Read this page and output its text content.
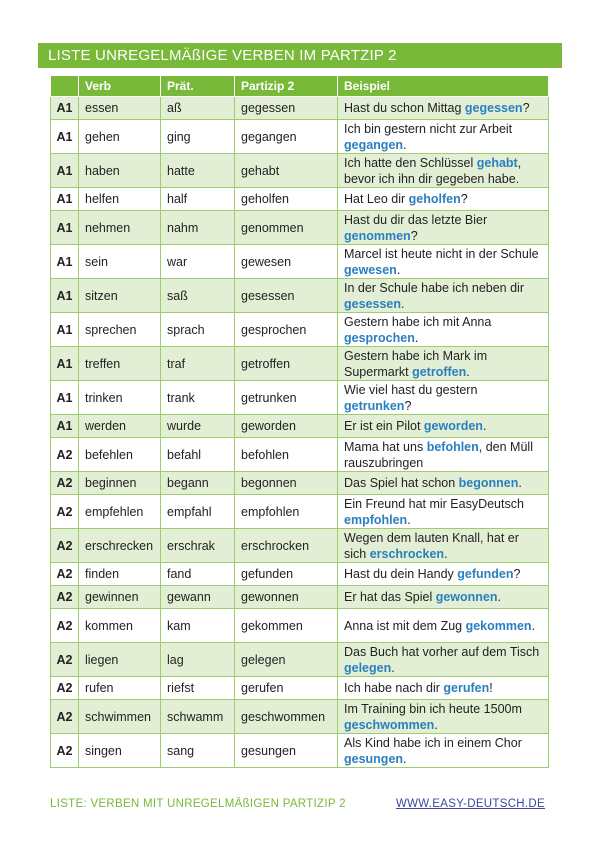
LISTE UNREGELMÄßIGE VERBEN IM PARTZIP 2
	Verb	Prät.	Partizip 2	Beispiel
A1	essen	aß	gegessen	Hast du schon Mittag gegessen?
A1	gehen	ging	gegangen	Ich bin gestern nicht zur Arbeit gegangen.
A1	haben	hatte	gehabt	Ich hatte den Schlüssel gehabt, bevor ich ihn dir gegeben habe.
A1	helfen	half	geholfen	Hat Leo dir geholfen?
A1	nehmen	nahm	genommen	Hast du dir das letzte Bier genommen?
A1	sein	war	gewesen	Marcel ist heute nicht in der Schule gewesen.
A1	sitzen	saß	gesessen	In der Schule habe ich neben dir gesessen.
A1	sprechen	sprach	gesprochen	Gestern habe ich mit Anna gesprochen.
A1	treffen	traf	getroffen	Gestern habe ich Mark im Supermarkt getroffen.
A1	trinken	trank	getrunken	Wie viel hast du gestern getrunken?
A1	werden	wurde	geworden	Er ist ein Pilot geworden.
A2	befehlen	befahl	befohlen	Mama hat uns befohlen, den Müll rauszubringen
A2	beginnen	begann	begonnen	Das Spiel hat schon begonnen.
A2	empfehlen	empfahl	empfohlen	Ein Freund hat mir EasyDeutsch empfohlen.
A2	erschrecken	erschrak	erschrocken	Wegen dem lauten Knall, hat er sich erschrocken.
A2	finden	fand	gefunden	Hast du dein Handy gefunden?
A2	gewinnen	gewann	gewonnen	Er hat das Spiel gewonnen.
A2	kommen	kam	gekommen	Anna ist mit dem Zug gekommen.
A2	liegen	lag	gelegen	Das Buch hat vorher auf dem Tisch gelegen.
A2	rufen	riefst	gerufen	Ich habe nach dir gerufen!
A2	schwimmen	schwamm	geschwommen	Im Training bin ich heute 1500m geschwommen.
A2	singen	sang	gesungen	Als Kind habe ich in einem Chor gesungen.
LISTE: VERBEN MIT UNREGELMÄßIGEN PARTIZIP 2	WWW.EASY-DEUTSCH.DE
